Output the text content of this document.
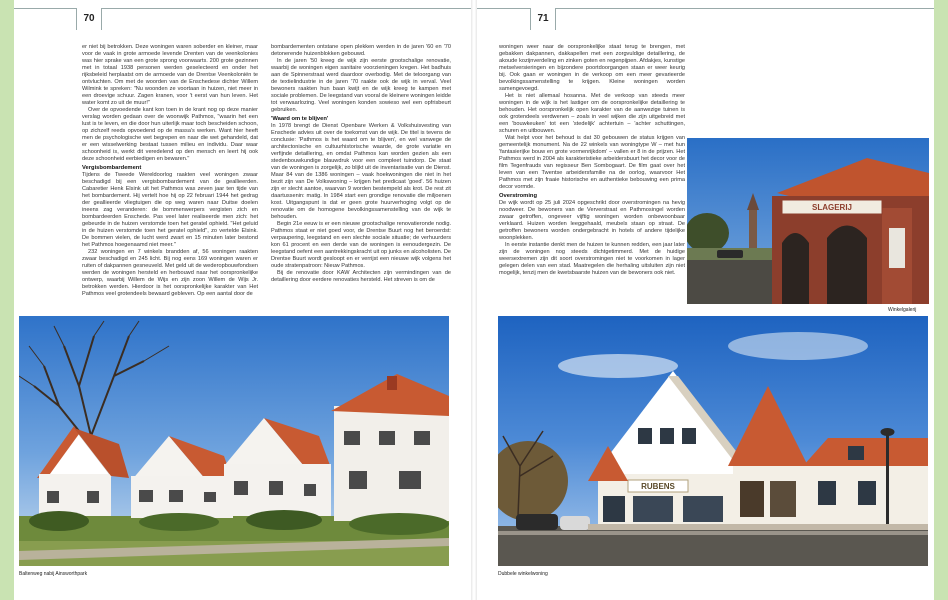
70	71

er niet bij betrokken. Deze woningen waren soberder en kleiner, maar voor de vaak in grote armoede levende Drenten van de veenkolonies was hier sprake van een grote sprong voorwaarts. 200 grote gezinnen met in totaal 1938 personen werden geselecteerd en onder het rijksbeleid herplaatst om de armoede van de Drentse Veenkoloniën te ontvluchten. Om met de woorden van de Enschedese dichter Willem Wilmink te spreken: "Nu woonden ze voortaan in huizen, niet meer in een droevige schuur. Zagen kranen, voor 't eerst van hun leven. Het water komt zo uit de muur!"

Over de opvoedende kant kon toen in de krant nog op deze manier verslag worden gedaan over de woonwijk Pathmos, "waarin het een lust is te leven, en die door hun uiterlijk maar toch bescheiden schoon, op zichzelf reeds opvoedend op de massa's werken. Want hier heeft men de psychologische wet begrepen en naar die wet gehandeld, dat er een wisselwerking bestaat tussen milieu en individu. Daar waar schoonheid is, werkt dit veredelend op den mensch en leert hij ook deze schoonheid eerbiedigen en bewaren."

Vergisbombardement

Tijdens de Tweede Wereldoorlog raakten veel woningen zwaar beschadigd bij een vergisbombardement van de geallieerden. Cabaretier Henk Elsink uit het Pathmos was zeven jaar ten tijde van het bombardement. Hij vertelt hoe hij op 22 februari 1944 het gedrag der geallieerde vliegtuigen die op weg waren naar Duitse doelen ineens zag veranderen: de bommenwerpers vergisten zich en bombardeerden Enschede. Pas veel later realiseerde men zich: het gebeurde in de huizen verstomde toen het geratel ophield. "Het geluid in de huizen verstomde toen het geratel ophield", zo vertelde Elsink. De bommen vielen, de lucht werd zwart en 15 minuten later bestond het Pathmos hoegenaamd niet meer."

232 woningen en 7 winkels brandden af, 56 woningen raakten zwaar beschadigd en 245 licht. Bij nog eens 169 woningen waren er ruiten of dakpannen gesneuveld. Met geld uit de wederopbouwfondsen werden de woningen hersteld en herbouwd naar het oorspronkelijke ontwerp, waarbij Willem de Wijs en zijn zoon Willem de Wijs Jr. betrokken werden. Hierdoor is het oorspronkelijke karakter van Het Pathmos veel grotendeels bewaard gebleven. Op een aantal door de

bombardementen ontstane open plekken werden in de jaren '60 en '70 detonerende huizenblokken gebouwd.

In de jaren '50 kreeg de wijk zijn eerste grootschalige renovatie, waarbij de woningen eigen sanitaire voorzieningen kregen. Het badhuis aan de Spinnerstraat werd daardoor overbodig. Met de teloorgang van de textielindustrie in de jaren '70 raakte ook de wijk in verval. Veel bewoners raakten hun baan kwijt en de wijk kreeg te kampen met sociale problemen. De leegstand van vooral de kleinere woningen leidde tot verwaarlozing. Veel woningen konden sowieso wel een opfrisbeurt gebruiken.

'Waard om te blijven'

In 1978 brengt de Dienst Openbare Werken & Volkshuisvesting van Enschede advies uit over de toekomst van de wijk. De titel is tevens de conclusie: 'Pathmos is het waard om te blijven', en wel vanwege de architectonische en cultuurhistorische waarde, de grote variatie en verfijnde detaillering, en omdat Pathmos kan worden gezien als een stedenbouwkundige blauwdruk voor een compleet tuindorp. De staat van de woningen is zorgelijk, zo blijkt uit de inventarisatie van de Dienst. Maar 84 van de 1386 woningen – vaak hoekwoningen die niet in het bezit zijn van De Volkswoning – krijgen het predicaat 'goed'. 56 huizen zijn er slecht aantoe, waarvan 9 worden bestempeld als krot. De rest zit daartussenin: matig. In 1984 start een grondige renovatie die miljoenen kost. Uitgangspunt is dat er geen grote huurverhoging volgt op de renovatie om de homogene bevolkingssamenstelling van de wijk te behouden.

Begin 21e eeuw is er een nieuwe grootschalige renovatieronde nodig. Pathmos staat er niet goed voor, de Drentse Buurt nog het beroerdst: verpaupering, leegstand en een slechte sociale situatie; de verhuurders kon 61 procent en een derde van de woningen is eenoudergezin. De leegstand oefent een aantrekkingskracht uit op junks en alcoholisten. De Drentse Buurt wordt gesloopt en er verrijst een nieuwe wijk volgens het oude stratenpatroon: Nieuw Pathmos.

Bij de renovatie door KAW Architecten zijn vermindingen van de detaillering door eerdere renovaties hersteld. Het streven is om de

Baltenweg nabij Ainsworthpark

woningen weer naar de oorspronkelijke staat terug te brengen, met gebakken dakpannen, dakkapellen met een zorgvuldige detaillering, de akoude kozijnverdeling en zinken goten en regenpijpen. Afdakjes, kunstige metselversieringen en bijzondere poortdoorgangen staan er weer keurig bij. Ook gaan er woningen in de verkoop om een meer gevarieerde bevolkingssamenstelling te krijgen. Kleine woningen worden samengevoegd.

Het is niet allemaal hosanna. Met de verkoop van steeds meer woningen in de wijk is het lastiger om de oorspronkelijke detaillering te behouden. Het oorspronkelijk open karakter van de aanwezige tuinen is ook grotendeels verdwenen – zoals in veel wijken die zijn uitgebreid met een 'bouwkeuken' tot een 'stedelijk' achtertuin – 'achter schuttingen, schuren en uitbouwen.

Wat helpt voor het behoud is dat 30 gebouwen de status krijgen van gemeentelijk monument. Na de 22 winkels van woningtype W – met hun 'fantasierijke bouw en grote vormenrijkdom' – vallen er 8 in de prijzen. Het Pathmos werd in 2004 als karakteristieke arbeidersbuurt het decor voor de film Tegenfrauds van regisseur Ben Sombogaart. De film gaat over het leven van een Twentse arbeidersfamilie na de oorlog, waarvoor Het Pathmos met zijn fraaie historische en authentieke bebouwing een prima decor vormde.

Overstroming

De wijk wordt op 25 juli 2024 opgeschrikt door overstromingen na hevig noodweer. De bewoners van de Ververstraat en Pathmosingel worden zwaar getroffen, ongeveer vijftig woningen worden onbewoonbaar verklaard. Huizen worden leeggehaald, meubels staan op straat. De getroffen bewoners worden ondergebracht in hotels of andere tijdelijke woonplekken.

In eerste instantie denkt men de huizen te kunnen redden, een jaar later zijn de woningen nog steeds dichtgetimmerd. Met de huidige weersextremen zijn dit soort overstromingen niet te voorkomen in lager gelegen delen van een stad. Maatregelen die herhaling uitsluiten zijn niet mogelijk, tenzij men de kwetsbaarste huizen van de bewoners ook niet.

SLAGERIJ
Winkelgalerij
RUBENS
Dubbele winkelwoning
